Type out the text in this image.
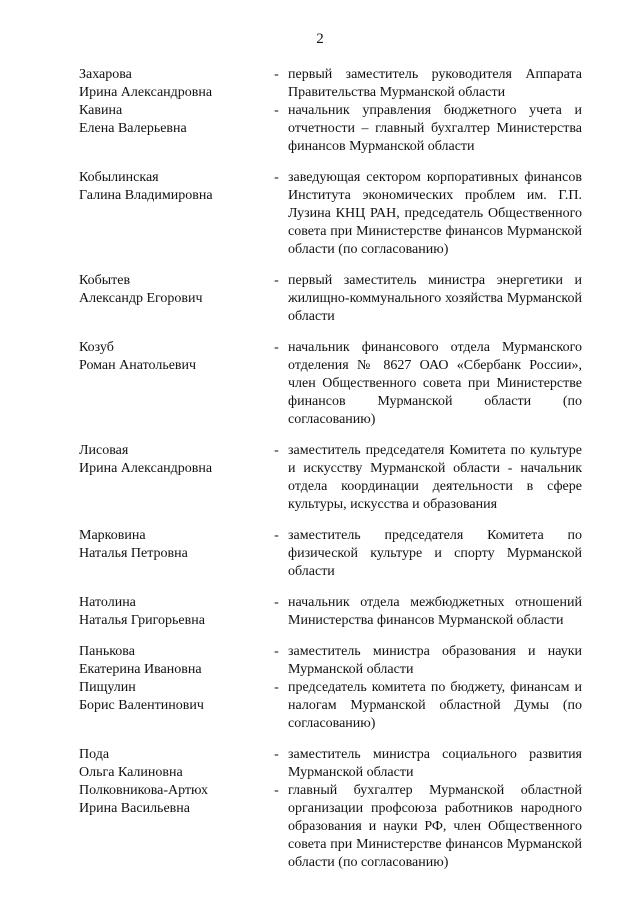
2
Захарова
Ирина Александровна
- первый заместитель руководителя Аппарата Правительства Мурманской области
Кавина
Елена Валерьевна
- начальник управления бюджетного учета и отчетности – главный бухгалтер Министерства финансов Мурманской области
Кобылинская
Галина Владимировна
- заведующая сектором корпоративных финансов Института экономических проблем им. Г.П. Лузина КНЦ РАН, председатель Общественного совета при Министерстве финансов Мурманской области (по согласованию)
Кобытев
Александр Егорович
- первый заместитель министра энергетики и жилищно-коммунального хозяйства Мурманской области
Козуб
Роман Анатольевич
- начальник финансового отдела Мурманского отделения № 8627 ОАО «Сбербанк России», член Общественного совета при Министерстве финансов Мурманской области (по согласованию)
Лисовая
Ирина Александровна
- заместитель председателя Комитета по культуре и искусству Мурманской области - начальник отдела координации деятельности в сфере культуры, искусства и образования
Марковина
Наталья Петровна
- заместитель председателя Комитета по физической культуре и спорту Мурманской области
Натолина
Наталья Григорьевна
- начальник отдела межбюджетных отношений Министерства финансов Мурманской области
Панькова
Екатерина Ивановна
- заместитель министра образования и науки Мурманской области
Пищулин
Борис Валентинович
- председатель комитета по бюджету, финансам и налогам Мурманской областной Думы (по согласованию)
Пода
Ольга Калиновна
- заместитель министра социального развития Мурманской области
Полковникова-Артюх
Ирина Васильевна
- главный бухгалтер Мурманской областной организации профсоюза работников народного образования и науки РФ, член Общественного совета при Министерстве финансов Мурманской области (по согласованию)
